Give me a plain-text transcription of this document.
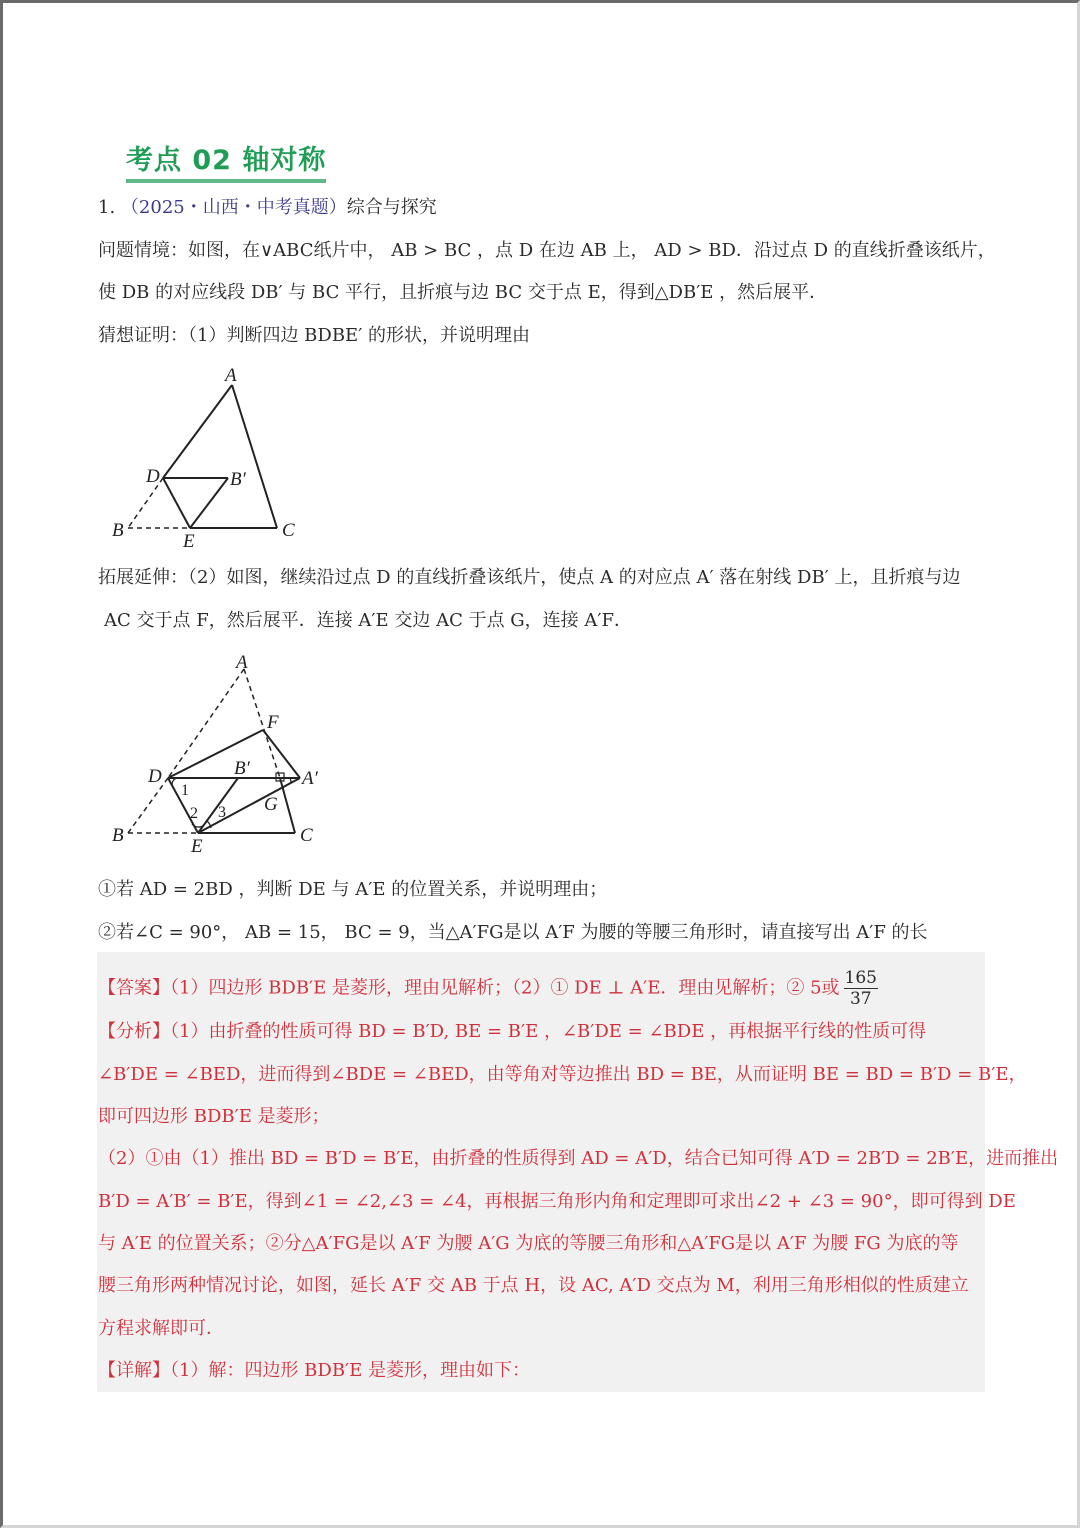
考点 02 轴对称
1. （2025・山西・中考真题）综合与探究
问题情境：如图，在∨ABC纸片中， AB > BC ，点 D 在边 AB 上， AD > BD．沿过点 D 的直线折叠该纸片，
使 DB 的对应线段 DB′ 与 BC 平行，且折痕与边 BC 交于点 E，得到△DB′E ，然后展平．
猜想证明：（1）判断四边 BDBE′ 的形状，并说明理由
A
D	B′
B
E
C
拓展延伸：（2）如图，继续沿过点 D 的直线折叠该纸片，使点 A 的对应点 A′ 落在射线 DB′ 上，且折痕与边
AC 交于点 F，然后展平．连接 A′E 交边 AC 于点 G，连接 A′F．
A
F
D	B′	A′
G
B
E
C
1
2 3
①若 AD = 2BD ，判断 DE 与 A′E 的位置关系，并说明理由；
②若∠C = 90°， AB = 15， BC = 9，当△A′FG是以 A′F 为腰的等腰三角形时，请直接写出 A′F 的长
【答案】（1）四边形 BDB′E 是菱形，理由见解析；（2）① DE ⊥ A′E．理由见解析；② 5或 $\frac{165}{37}$
【分析】（1）由折叠的性质可得 BD = B′D, BE = B′E ，∠B′DE = ∠BDE ，再根据平行线的性质可得
∠B′DE = ∠BED，进而得到∠BDE = ∠BED，由等角对等边推出 BD = BE，从而证明 BE = BD = B′D = B′E，
即可四边形 BDB′E 是菱形；
（2）①由（1）推出 BD = B′D = B′E，由折叠的性质得到 AD = A′D，结合已知可得 A′D = 2B′D = 2B′E，进而推出
B′D = A′B′ = B′E，得到∠1 = ∠2,∠3 = ∠4，再根据三角形内角和定理即可求出∠2 + ∠3 = 90°，即可得到 DE
与 A′E 的位置关系；②分△A′FG是以 A′F 为腰 A′G 为底的等腰三角形和△A′FG是以 A′F 为腰 FG 为底的等
腰三角形两种情况讨论，如图，延长 A′F 交 AB 于点 H，设 AC, A′D 交点为 M，利用三角形相似的性质建立
方程求解即可．
【详解】（1）解：四边形 BDB′E 是菱形，理由如下：
